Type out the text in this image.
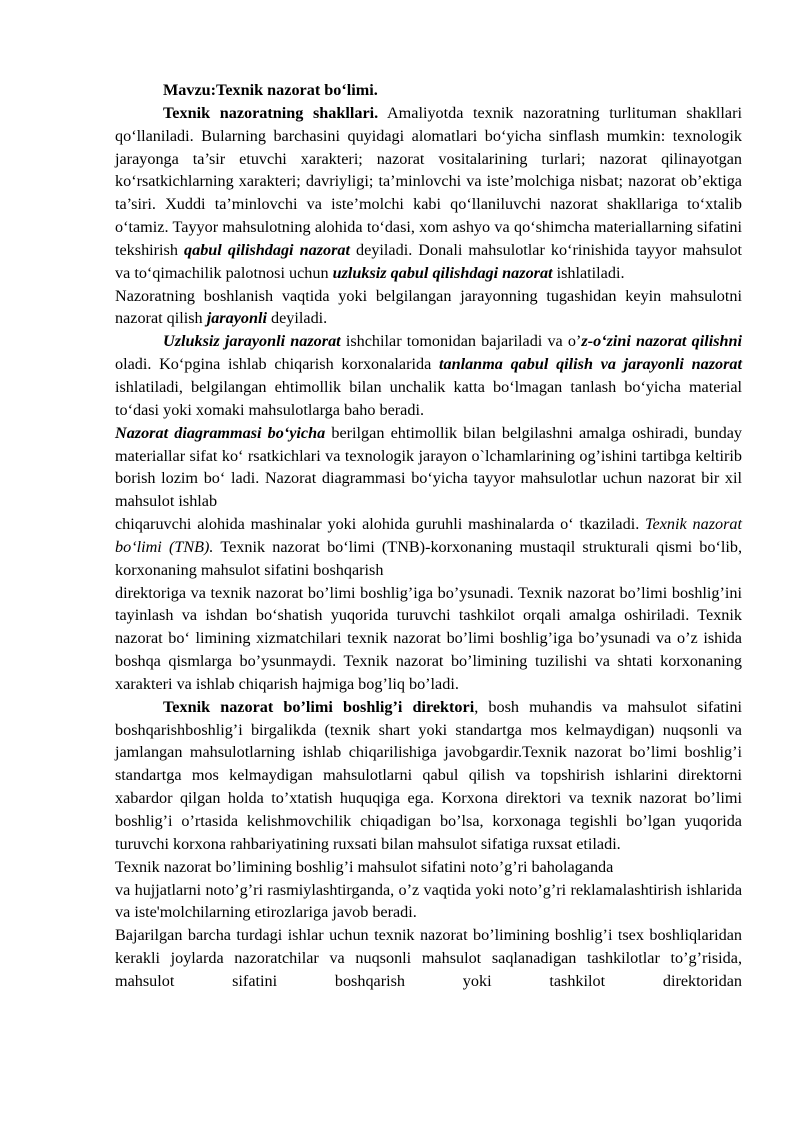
Mavzu:Texnik nazorat bo‘limi.

Texnik nazoratning shakllari. Amaliyotda texnik nazoratning turlituman shakllari qo‘llaniladi. Bularning barchasini quyidagi alomatlari bo‘yicha sinflash mumkin: texnologik jarayonga ta’sir etuvchi xarakteri; nazorat vositalarining turlari; nazorat qilinayotgan ko‘rsatkichlarning xarakteri; davriyligi; ta’minlovchi va iste’molchiga nisbat; nazorat ob’ektiga ta’siri. Xuddi ta’minlovchi va iste’molchi kabi qo‘llaniluvchi nazorat shakllariga to‘xtalib o‘tamiz. Tayyor mahsulotning alohida to‘dasi, xom ashyo va qo‘shimcha materiallarning sifatini tekshirish qabul qilishdagi nazorat deyiladi. Donali mahsulotlar ko‘rinishida tayyor mahsulot va to‘qimachilik palotnosi uchun uzluksiz qabul qilishdagi nazorat ishlatiladi.

Nazoratning boshlanish vaqtida yoki belgilangan jarayonning tugashidan keyin mahsulotni nazorat qilish jarayonli deyiladi.

Uzluksiz jarayonli nazorat ishchilar tomonidan bajariladi va o’z-o‘zini nazorat qilishni oladi. Koʻpgina ishlab chiqarish korxonalarida tanlanma qabul qilish va jarayonli nazorat ishlatiladi, belgilangan ehtimollik bilan unchalik katta boʻlmagan tanlash boʻyicha material toʻdasi yoki xomaki mahsulotlarga baho beradi.

Nazorat diagrammasi bo‘yicha berilgan ehtimollik bilan belgilashni amalga oshiradi, bunday materiallar sifat koʻ rsatkichlari va texnologik jarayon o`lchamlarining og’ishini tartibga keltirib borish lozim boʻ ladi. Nazorat diagrammasi boʻyicha tayyor mahsulotlar uchun nazorat bir xil mahsulot ishlab

chiqaruvchi alohida mashinalar yoki alohida guruhli mashinalarda oʻ tkaziladi. Texnik nazorat boʻlimi (TNB). Texnik nazorat boʻlimi (TNB)-korxonaning mustaqil strukturali qismi boʻlib, korxonaning mahsulot sifatini boshqarish

direktoriga va texnik nazorat bo’limi boshlig’iga bo’ysunadi. Texnik nazorat bo’limi boshlig’ini tayinlash va ishdan boʻshatish yuqorida turuvchi tashkilot orqali amalga oshiriladi. Texnik nazorat boʻ limining xizmatchilari texnik nazorat bo’limi boshlig’iga bo’ysunadi va o’z ishida boshqa qismlarga bo’ysunmaydi. Texnik nazorat bo’limining tuzilishi va shtati korxonaning xarakteri va ishlab chiqarish hajmiga bog’liq bo’ladi.

Texnik nazorat bo’limi boshlig’i direktori, bosh muhandis va mahsulot sifatini boshqarishboshlig’i birgalikda (texnik shart yoki standartga mos kelmaydigan) nuqsonli va jamlangan mahsulotlarning ishlab chiqarilishiga javobgardir.Texnik nazorat bo’limi boshlig’i standartga mos kelmaydigan mahsulotlarni qabul qilish va topshirish ishlarini direktorni xabardor qilgan holda to’xtatish huquqiga ega. Korxona direktori va texnik nazorat bo’limi boshlig’i o’rtasida kelishmovchilik chiqadigan bo’lsa, korxonaga tegishli bo’lgan yuqorida turuvchi korxona rahbariyatining ruxsati bilan mahsulot sifatiga ruxsat etiladi.

Texnik nazorat bo’limining boshlig’i mahsulot sifatini noto’g’ri baholaganda

va hujjatlarni noto’g’ri rasmiylashtirganda, o’z vaqtida yoki noto’g’ri reklamalashtirish ishlarida va iste'molchilarning etirozlariga javob beradi.

Bajarilgan barcha turdagi ishlar uchun texnik nazorat bo’limining boshlig’i tsex boshliqlaridan kerakli joylarda nazoratchilar va nuqsonli mahsulot saqlanadigan tashkilotlar to’g’risida, mahsulot sifatini boshqarish yoki tashkilot direktoridan
